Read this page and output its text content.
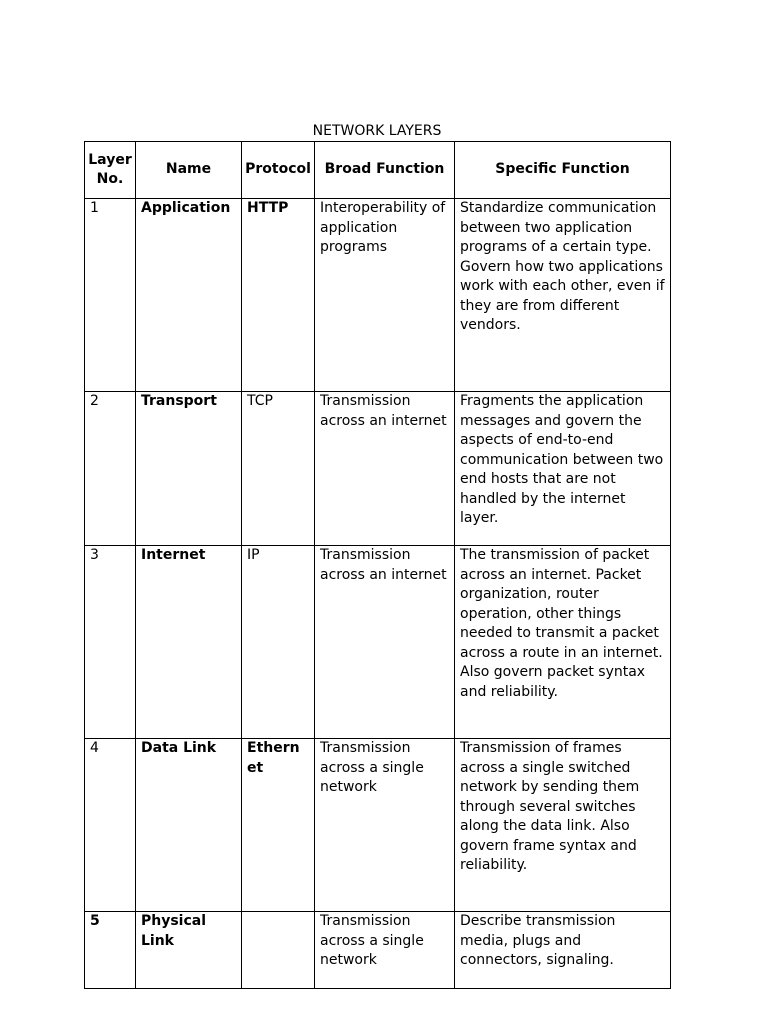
NETWORK LAYERS
Layer No.	Name	Protocol	Broad Function	Specific Function
1	Application	HTTP	Interoperability of application programs	Standardize communication between two application programs of a certain type. Govern how two applications work with each other, even if they are from different vendors.
2	Transport	TCP	Transmission across an internet	Fragments the application messages and govern the aspects of end-to-end communication between two end hosts that are not handled by the internet layer.
3	Internet	IP	Transmission across an internet	The transmission of packet across an internet. Packet organization, router operation, other things needed to transmit a packet across a route in an internet. Also govern packet syntax and reliability.
4	Data Link	Ethernet	Transmission across a single network	Transmission of frames across a single switched network by sending them through several switches along the data link. Also govern frame syntax and reliability.
5	Physical Link		Transmission across a single network	Describe transmission media, plugs and connectors, signaling.
